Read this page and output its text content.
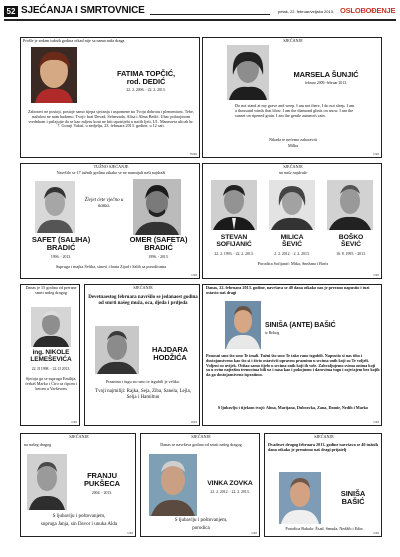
52 SJEĆANJA I SMRTOVNICE	petak, 22. februar/veljača 2013. OSLOBOĐENJE
Prošle je sedam tužnih godina otkad nije sa nama naša draga
FATIMA TOPČIĆ,
rod. DEDIĆ
22. 2. 2006. - 22. 2. 2013.
Zaboravi ne postoji, postoje samo tijepa sjećanja i uspomene na Tvoju dobrotu i plemenitost. Tebe, nažalost ne nam budemo. Tvoji: brat Devad, Šeherzada, Alisa i Alma Bedić. Ubac pobrojinom vrednbom i prilajujte da se kao mljeru koni ne biti upotrijebi u naćih ljeti, U1. Maneuvra ulicah br. 7. Goruji Vakuf, u nedjelju, 23. februara 2013. godine, u 12 sati.
76/36
SJEĆANJE
MARSELA ŠUNJIĆ
februar 2009.-februar 2013.
Do not stand at my grave and weep. I am not there, I do not sleep. I am a thousand winds that blow. I am the diamond glints on snow. I am the sunset on ripened grain. I am the gentle autumn's rain.
Nikada te nećemo zaboraviti
Milka
1/36
TUŽNO SJEĆANJE
Navršilo se 17 tužnih godina otkako se ne nasmijali naši najdraži
Živjet ćete vječno u nama.
SAFET (SALIHA)
BRADIĆ
1996. - 2013.
OMER (SAFETA)
BRADIĆ
1996. - 2013.
Supruga i majka Šefika, sinovi i brata Zijad i Salih sa porodicama
1/36
SJEĆANJE
na naše najdraže
STEVAN
SOFIJANIĆ
MILICA
ŠEVIĆ
BOŠKO
ŠEVIĆ
22. 2. 1993. - 22. 2. 2013.	2. 2. 2012. - 2. 2. 2013.	16. 8. 1995. - 2013.
Porodica Sofijanić: Mika, Snežana i Boris
1/36
Danas je 15 godina od prerane smrti našeg dragog
ing. NIKOLE
LEMEŠEVIĆA
22. II 1998. - 22. II 2013.
Sjećaju ga se supruga Emilija, ćerkaš Marko i Ćiro sa ćipom i ketom u Varšavom
1/36
SJEĆANJE
Devetnaestog februara navršilo se jedanaest godina od smrti našeg muža, oca, djeda i prdjeda
HAJDARA
HODŽIĆA
Prazninu i tugu sto smo te izgubili je veliko.
Tvoji najmiliji: Rajka, Seja, Ziba, Sanela, Lejla, Selja i Hamiltun
8/23
Danas, 22. februara 2013. godine, navršava se 40 dana otkako nas je prerano napustio i tuzi ostavio naš dragi
SINIŠA (ANTE) BAŠIĆ
iz Bribog
Ponosni smo što smo Te imali. Tužni što smo Te tako rano izgubili. Napustio si nas tiho i dostojanstveno kao što si i živio ostavivši upravnu prazninu u srcima onih koji su Te voljeli. Voljeni su uvijek. Otišao samo tijelo u srcima onih koji ih vole. Zahvaljujemo svima onima koji su u ovim najtežim trenucima bili uz i nasa kao i pokojnom i darovima tugu i osjećajem bez kojih da ga dostojanstveno ispratimo.
S ljubavlju i tijekom tvoji: Alma, Marijana, Dubravka, Zana, Damir, Nedih i Marko
1/36
SJEĆANJE
na našeg dragog
FRANJU
PUKŠECA
2004. - 2013.
S ljubavlju i poštovanjem,
supruga Janja, sin Davor i unuka Alda
1/36
SJEĆANJE
Danas se navršava godina od smrti našeg dragog
VINKA ZOVKA
22. 2. 2012. - 22. 2. 2013.
S ljubavlju i poštovanjem,
porodica
1/36
SJEĆANJE
Dvadeset drugog februara 2013. godine navršava se 40 tužnih dana otkako je preminuo naš dragi prijatelj
SINIŠA
BAŠIĆ
Porodica Bakalo: Ésad, Smuda, Nedžib i Edin
1/36
